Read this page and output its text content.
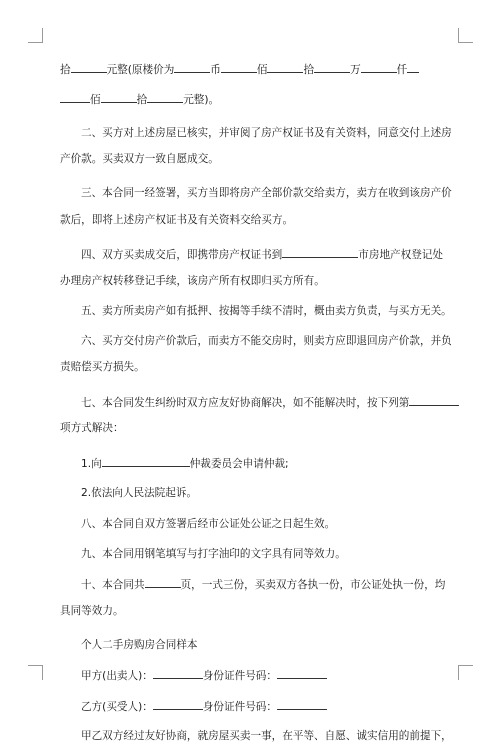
拾	元整(原楼价为	币	佰	拾	万	仟
佰	拾	元整)。
二、买方对上述房屋已核实，并审阅了房产权证书及有关资料，同意交付上述房
产价款。买卖双方一致自愿成交。
三、本合同一经签署，买方当即将房产全部价款交给卖方，卖方在收到该房产价
款后，即将上述房产权证书及有关资料交给买方。
四、双方买卖成交后，即携带房产权证书到	市房地产权登记处
办理房产权转移登记手续，该房产所有权即归买方所有。
五、卖方所卖房产如有抵押、按揭等手续不清时，概由卖方负责，与买方无关。
六、买方交付房产价款后，而卖方不能交房时，则卖方应即退回房产价款，并负
责赔偿买方损失。
七、本合同发生纠纷时双方应友好协商解决，如不能解决时，按下列第
项方式解决：
1.向	仲裁委员会申请仲裁;
2.依法向人民法院起诉。
八、本合同自双方签署后经市公证处公证之日起生效。
九、本合同用钢笔填写与打字油印的文字具有同等效力。
十、本合同共	页，一式三份，买卖双方各执一份，市公证处执一份，均
具同等效力。
个人二手房购房合同样本
甲方(出卖人)：	身份证件号码：
乙方(买受人)：	身份证件号码：
甲乙双方经过友好协商，就房屋买卖一事，在平等、自愿、诚实信用的前提下，
